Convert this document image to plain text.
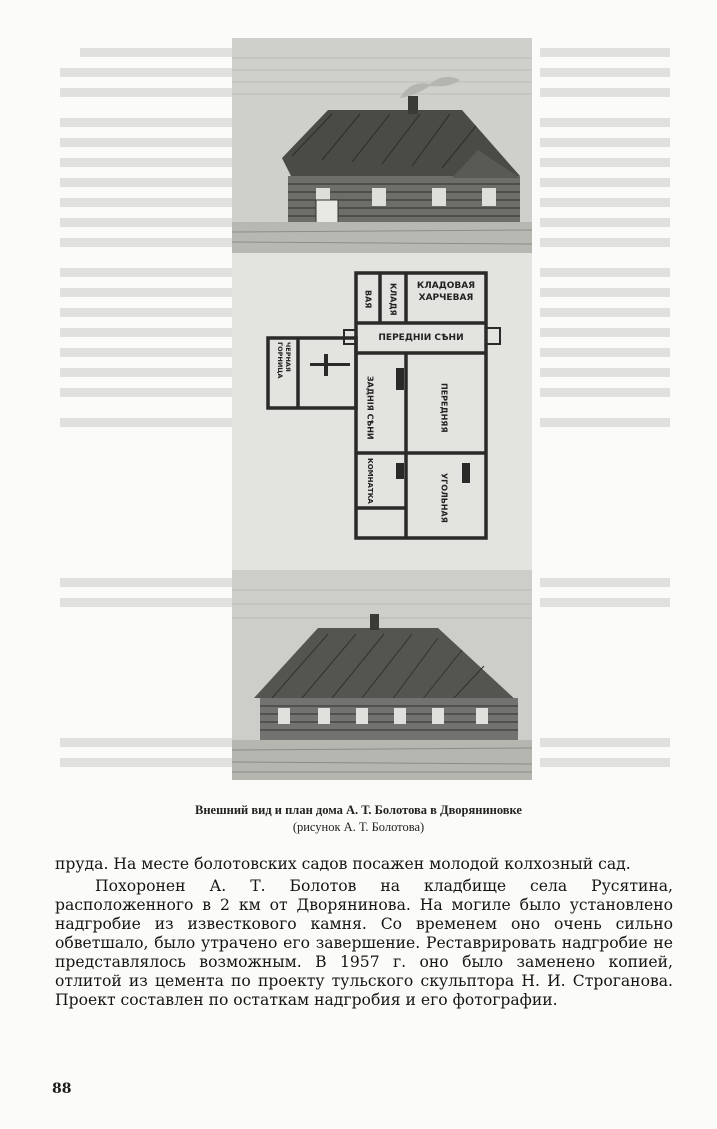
ВАЯ КЛАДЯ	КЛАДОВАЯ ХАРЧЕВАЯ
ПЕРЕДНІИ СѢНИ
ЗАДНІЯ СѢНИ	ПЕРЕДНЯЯ
УГОЛЬНАЯ
КОМНАТКА
ЧЕРНАЯ ГОРНИЦА
Внешний вид и план дома А. Т. Болотова в Дворяниновке
(рисунок А. Т. Болотова)

пруда. На месте болотовских садов посажен молодой колхозный сад.

Похоронен А. Т. Болотов на кладбище села Русятина, расположенного в 2 км от Дворянинова. На могиле было установлено надгробие из известкового камня. Со временем оно очень сильно обветшало, было утрачено его завершение. Реставрировать надгробие не представлялось возможным. В 1957 г. оно было заменено копией, отлитой из цемента по проекту тульского скульптора Н. И. Строганова. Проект составлен по остаткам надгробия и его фотографии.

88
